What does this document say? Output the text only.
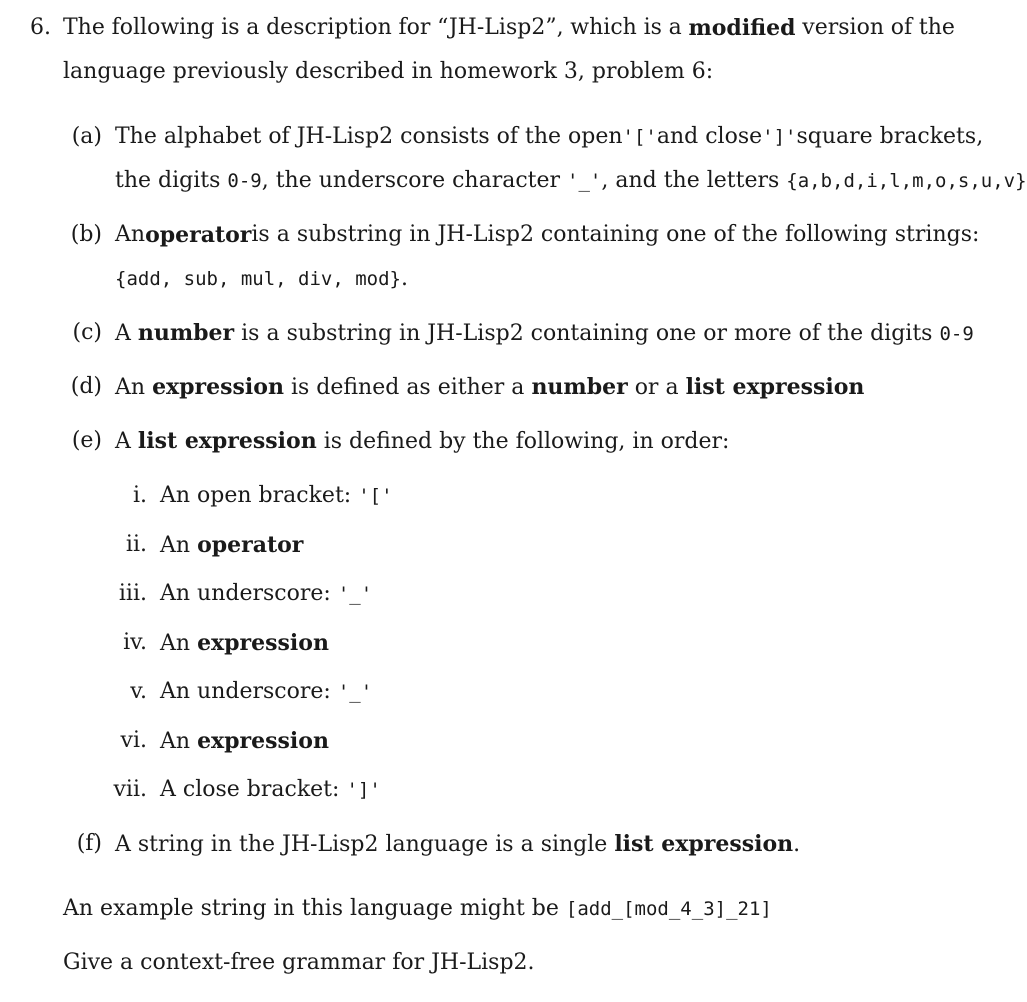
6. The following is a description for “JH-Lisp2”, which is a modified version of the
language previously described in homework 3, problem 6:
(a) The alphabet of JH-Lisp2 consists of the open '[' and close ']' square brackets,
the digits 0-9, the underscore character '_', and the letters {a,b,d,i,l,m,o,s,u,v}
(b) An operator is a substring in JH-Lisp2 containing one of the following strings:
{add, sub, mul, div, mod}.
(c) A number is a substring in JH-Lisp2 containing one or more of the digits 0-9
(d) An expression is defined as either a number or a list expression
(e) A list expression is defined by the following, in order:
i. An open bracket: '['
ii. An operator
iii. An underscore: '_'
iv. An expression
v. An underscore: '_'
vi. An expression
vii. A close bracket: ']'
(f) A string in the JH-Lisp2 language is a single list expression.
An example string in this language might be [add_[mod_4_3]_21]
Give a context-free grammar for JH-Lisp2.
